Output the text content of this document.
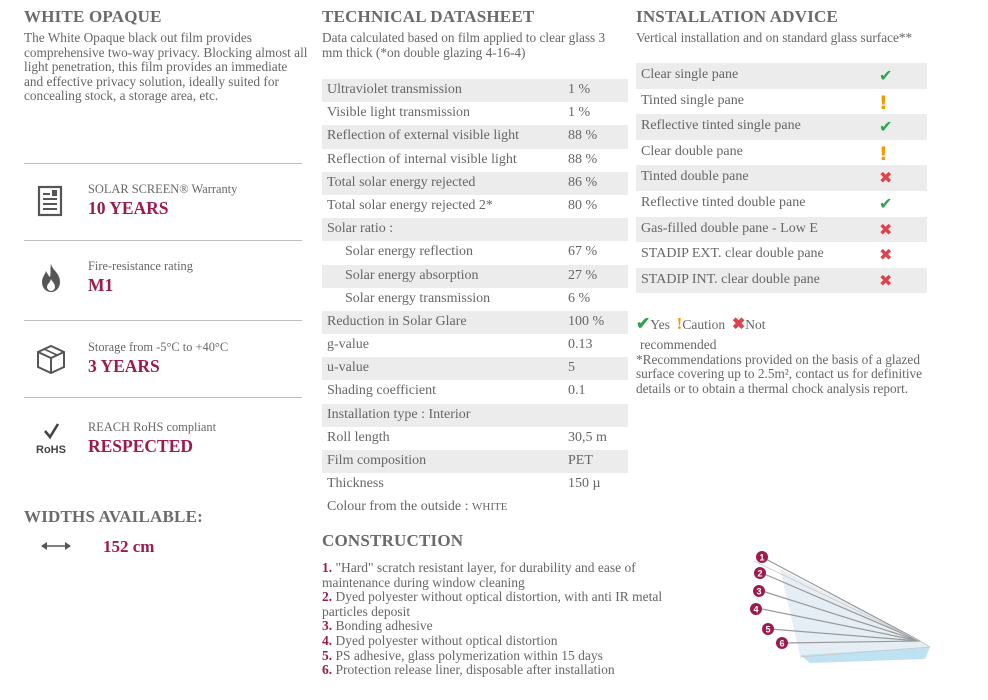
WHITE OPAQUE
The White Opaque black out film provides comprehensive two-way privacy. Blocking almost all light penetration, this film provides an immediate and effective privacy solution, ideally suited for concealing stock, a storage area, etc.
SOLAR SCREEN® Warranty
10 YEARS
Fire-resistance rating
M1
Storage from -5°C to +40°C
3 YEARS
RoHS
REACH RoHS compliant
RESPECTED
WIDTHS AVAILABLE:
152 cm
TECHNICAL DATASHEET
Data calculated based on film applied to clear glass 3 mm thick (*on double glazing 4-16-4)
Ultraviolet transmission	1 %
Visible light transmission	1 %
Reflection of external visible light	88 %
Reflection of internal visible light	88 %
Total solar energy rejected	86 %
Total solar energy rejected 2*	80 %
Solar ratio :
Solar energy reflection	67 %
Solar energy absorption	27 %
Solar energy transmission	6 %
Reduction in Solar Glare	100 %
g-value	0.13
u-value	5
Shading coefficient	0.1
Installation type : Interior
Roll length	30,5 m
Film composition	PET
Thickness	150 µ
Colour from the outside : WHITE
CONSTRUCTION
1. "Hard" scratch resistant layer, for durability and ease of maintenance during window cleaning
2. Dyed polyester without optical distortion, with anti IR metal particles deposit
3. Bonding adhesive
4. Dyed polyester without optical distortion
5. PS adhesive, glass polymerization within 15 days
6. Protection release liner, disposable after installation
INSTALLATION ADVICE
Vertical installation and on standard glass surface**
Clear single pane	✔
Tinted single pane	!
Reflective tinted single pane	✔
Clear double pane	!
Tinted double pane	✖
Reflective tinted double pane	✔
Gas-filled double pane - Low E	✖
STADIP EXT. clear double pane	✖
STADIP INT. clear double pane	✖
✔Yes !Caution ✖Not
recommended
*Recommendations provided on the basis of a glazed surface covering up to 2.5m², contact us for definitive details or to obtain a thermal chock analysis report.
1
2
3
4
5
6
